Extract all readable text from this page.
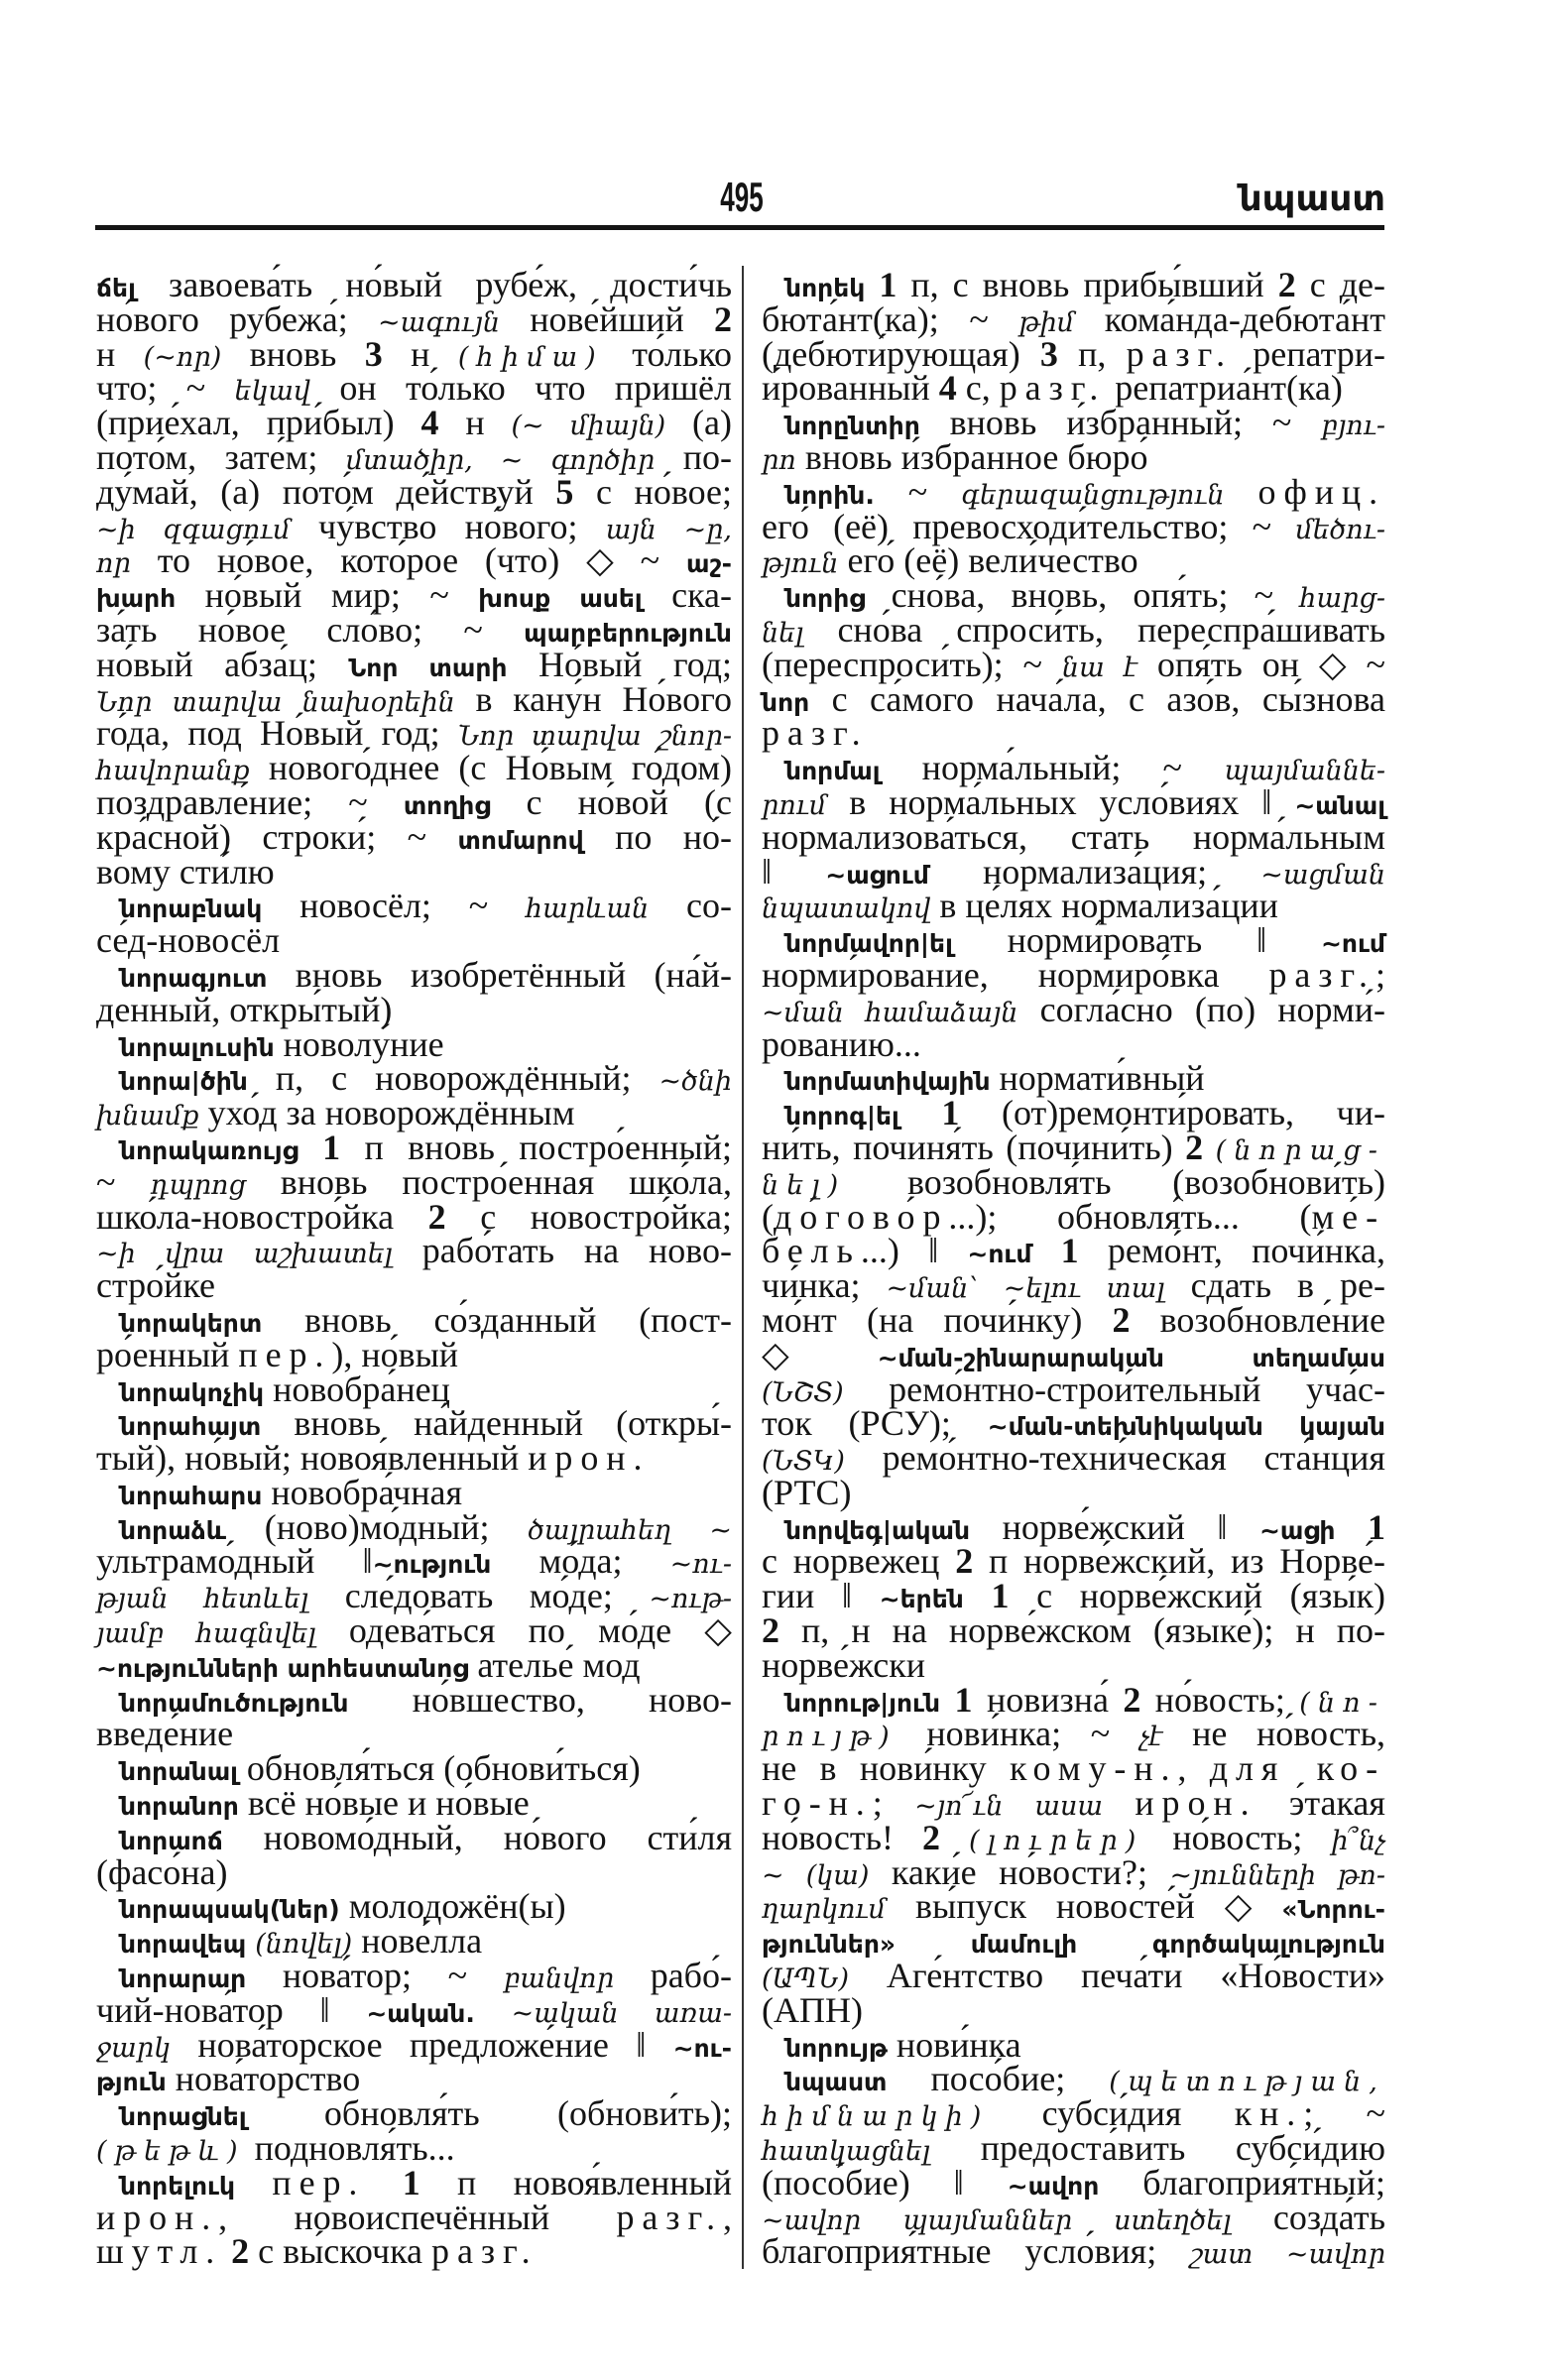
495	նպաստ
ճել завоева́ть но́вый рубе́ж, дости́чь
но́вого рубежа́; ~ագույն нове́йший 2
н (~որ) вновь 3 н (հիմա) то́лько
что; ~ եկավ он то́лько что пришёл
(прие́хал, при́был) 4 н (~ միայն) (а)
пото́м, зате́м; մտածիր, ~ գործիր по-
ду́май, (а) пото́м де́йствуй 5 с но́вое;
~ի զգացում чу́вство но́вого; այն ~ը,
որ то но́вое, кото́рое (что) ◇ ~ աշ-
խարհ но́вый мир; ~ խոսք ասել ска-
за́ть но́вое сло́во; ~ պարբերություն
но́вый абза́ц; Նոր տարի Но́вый год;
Նոր տարվա նախօրեին в кану́н Но́вого
го́да, под Но́вый год; Նոր տարվա շնոր-
հավորանք нового́днее (с Но́вым го́дом)
поздравле́ние; ~ տողից с но́вой (с
кра́сной) строки́; ~ տոմարով по но́-
вому сти́лю
նորաբնակ новосёл; ~ հարևան со-
се́д-новосёл
նորագյուտ вновь изобретённый (на́й-
денный, откры́тый)
նորալուսին новолу́ние
նորա|ծին п, с новорождённый; ~ծնի
խնամք ухо́д за новорождённым
նորակառույց 1 п вновь постро́енный;
~ դպրոց вновь постро́енная шко́ла,
шко́ла-новостро́йка 2 с новостро́йка;
~ի վրա աշխատել рабо́тать на ново-
стро́йке
նորակերտ вновь со́зданный (пост-
ро́енный пер.), но́вый
նորակոչիկ новобра́нец
նորահայտ вновь на́йденный (откры́-
тый), но́вый; новоя́вленный ирон.
նորահարս новобра́чная
նորաձև (ново)мо́дный; ծայրահեղ ~
ультрамо́дный ‖~ություն мо́да; ~ու-
թյան հետևել сле́довать мо́де; ~ութ-
յամբ հագնվել одева́ться по мо́де ◇
~ությունների արհեստանոց ателье́ мод
նորամուծություն но́вшество, ново-
введе́ние
նորանալ обновля́ться (обнови́ться)
նորանոր всё но́вые и но́вые
նորաոճ новомо́дный, но́вого сти́ля
(фасо́на)
նորապսակ(ներ) молодожён(ы)
նորավեպ (նովել) нове́лла
նորարար нова́тор; ~ բանվոր рабо́-
чий-нова́тор ‖ ~ական. ~ական առա-
ջարկ нова́торское предложе́ние ‖ ~ու-
թյուն нова́торство
նորացնել обновля́ть (обнови́ть);
(թեթև) подновля́ть...
նորելուկ пер. 1 п новоя́вленный
ирон., новоиспечённый разг.,
шутл. 2 с вы́скочка разг.
նորեկ 1 п, с вновь прибы́вший 2 с де-
бюта́нт(ка); ~ թիմ кома́нда-дебюта́нт
(дебюти́рующая) 3 п, разг. репатри-
и́рованный 4 с, разг. репатриа́нт(ка)
նորընտիր вновь и́збранный; ~ բյու-
րո вновь и́збранное бюро́
նորին. ~ գերազանցություն офиц.
его́ (её) превосходи́тельство; ~ մեծու-
թյուն его́ (её) вели́чество
նորից сно́ва, вновь, опя́ть; ~ հարց-
նել сно́ва спроси́ть, переспра́шивать
(переспроси́ть); ~ նա է опя́ть он ◇ ~
նոր с са́мого нача́ла, с азо́в, сы́знова
разг.
նորմալ норма́льный; ~ պայմաննե-
րում в норма́льных усло́виях ‖ ~անալ
нормализова́ться, стать норма́льным
‖ ~ացում нормализа́ция; ~ացման
նպատակով в це́лях нормализа́ции
նորմավոր|ել норми́ровать ‖ ~ում
норми́рование, нормиро́вка разг.;
~ման համաձայն согла́сно (по) норми́-
рованию...
նորմատիվային нормати́вный
նորոգ|ել 1 (от)ремонти́ровать, чи-
ни́ть, починя́ть (почини́ть) 2 (նորաց-
նել) возобновля́ть (возобнови́ть)
(до́гово́р...); обновля́ть... (ме́-
бель...) ‖ ~ում 1 ремо́нт, почи́нка,
чи́нка; ~ման՝ ~ելու տալ сдать в ре-
мо́нт (на почи́нку) 2 возобновле́ние
◇ ~ման-շինարարական տեղամաս
(ՆՇՏ) ремо́нтно-строи́тельный уча́с-
ток (РСУ); ~ման-տեխնիկական կայան
(ՆՏԿ) ремо́нтно-техни́ческая ста́нция
(РТС)
նորվեգ|ական норве́жский ‖ ~ացի 1
с норве́жец 2 п норве́жский, из Норве́-
гии ‖ ~երեն 1 с норве́жский (язы́к)
2 п, н на норве́жском (языке́); н по-
норве́жски
նորութ|յուն 1 новизна́ 2 но́вость; (նո-
րույթ) нови́нка; ~ չէ не но́вость,
не в нови́нку кому-н., для ко-
го-н.; ~յո՜ւն ասա ирон. э́такая
но́вость! 2 (լուրեր) но́вость; ի՞նչ
~ (կա) каки́е но́вости?; ~յունների թո-
ղարկում вы́пуск новосте́й ◇ «Նորու-
թյուններ» մամուլի գործակալություն
(ԱՊՆ) Аге́нтство печа́ти «Но́вости»
(АПН)
նորույթ нови́нка
նպաստ посо́бие; (պետության,
հիմնարկի) субси́дия кн.; ~
հատկացնել предоста́вить субси́дию
(посо́бие) ‖ ~ավոր благоприя́тный;
~ավոր պայմաններ ստեղծել созда́ть
благоприя́тные усло́вия; շատ ~ավոր
